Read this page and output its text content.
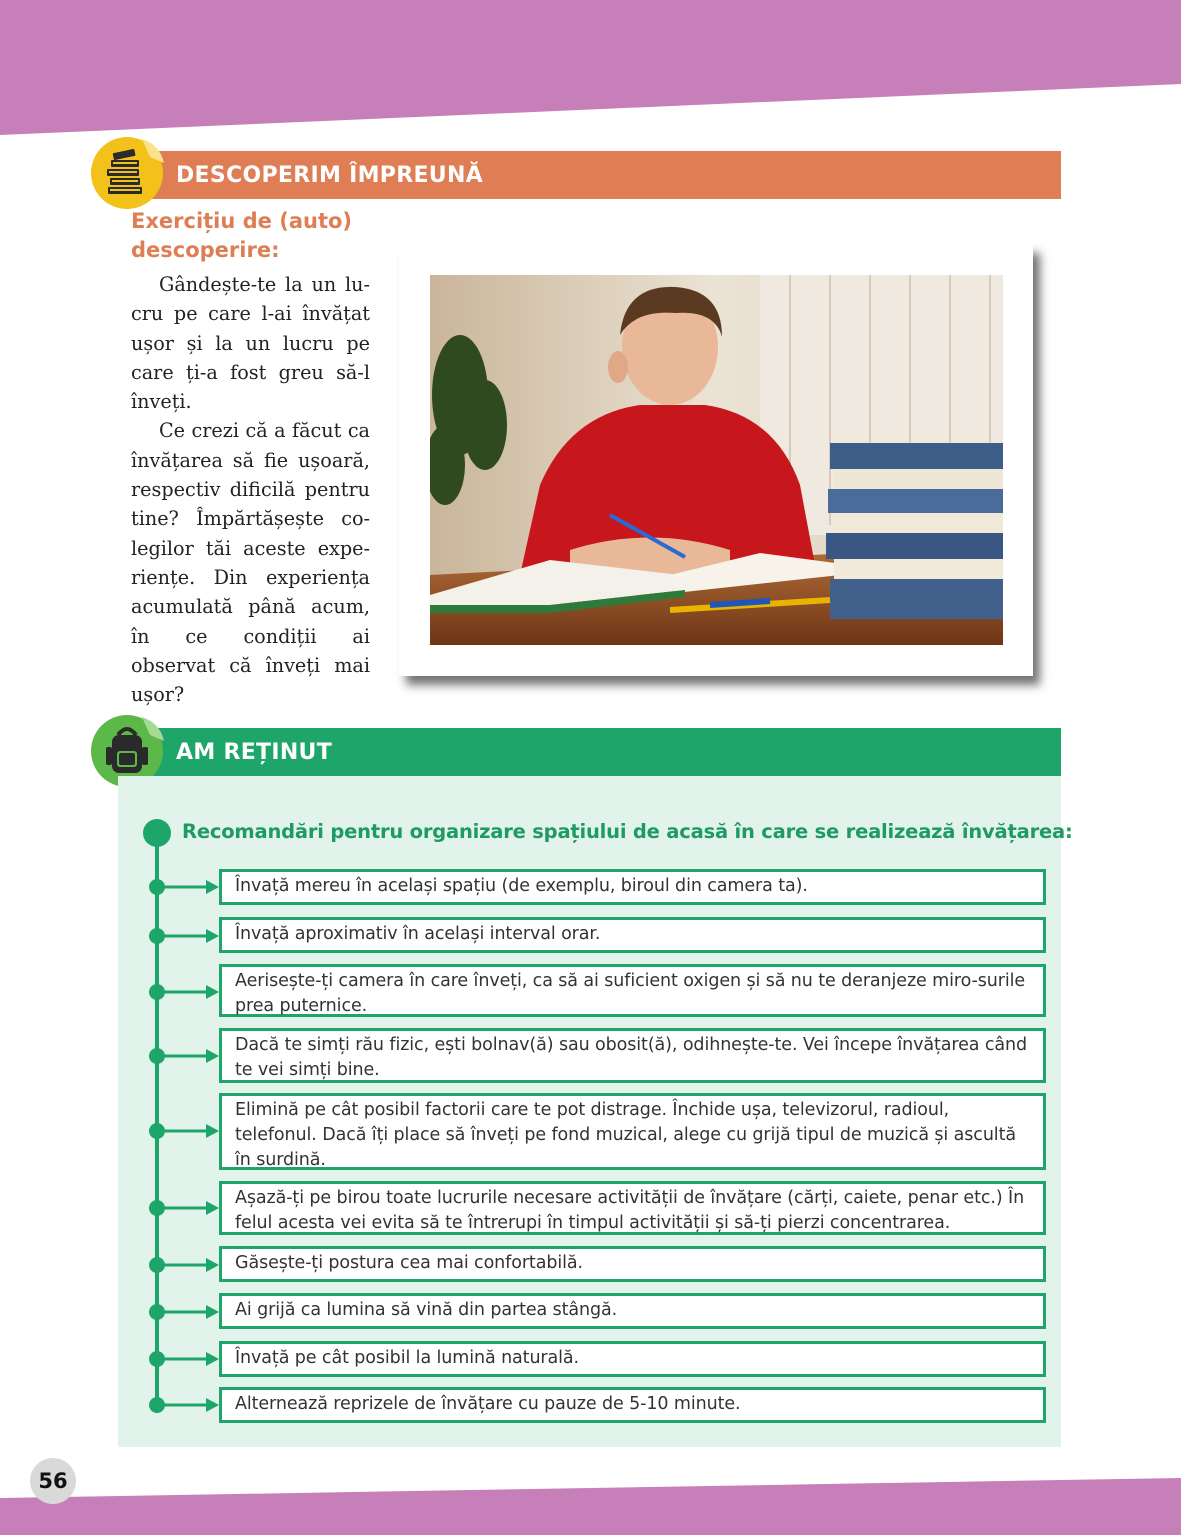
DESCOPERIM ÎMPREUNĂ
Exercițiu de (auto) descoperire:

Gândește-te la un lucru pe care l-ai învățat ușor și la un lucru pe care ți-a fost greu să-l înveți.

Ce crezi că a făcut ca învățarea să fie ușoară, respectiv dificilă pentru tine? Împărtășește colegilor tăi aceste experiențe. Din experiența acumulată până acum, în ce condiții ai observat că înveți mai ușor?

AM REȚINUT
Recomandări pentru organizare spațiului de acasă în care se realizează învățarea:
Învață mereu în același spațiu (de exemplu, biroul din camera ta).
Învață aproximativ în același interval orar.
Aerisește-ți camera în care înveți, ca să ai suficient oxigen și să nu te deranjeze miro-surile prea puternice.
Dacă te simți rău fizic, ești bolnav(ă) sau obosit(ă), odihnește-te. Vei începe învățarea când te vei simți bine.
Elimină pe cât posibil factorii care te pot distrage. Închide ușa, televizorul, radioul, telefonul. Dacă îți place să înveți pe fond muzical, alege cu grijă tipul de muzică și ascultă în surdină.
Așază-ți pe birou toate lucrurile necesare activității de învățare (cărți, caiete, penar etc.) În felul acesta vei evita să te întrerupi în timpul activității și să-ți pierzi concentrarea.
Găsește-ți postura cea mai confortabilă.
Ai grijă ca lumina să vină din partea stângă.
Învață pe cât posibil la lumină naturală.
Alternează reprizele de învățare cu pauze de 5-10 minute.
56
